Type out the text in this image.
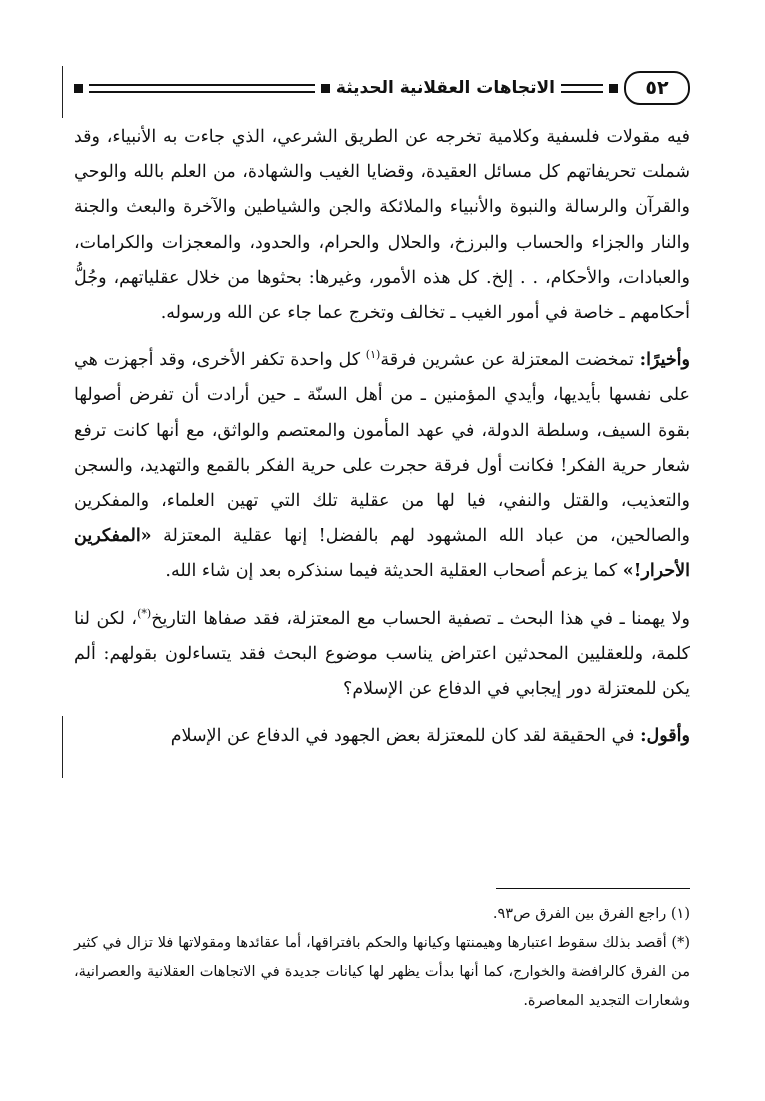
٥٢
الاتجاهات العقلانية الحديثة

فيه مقولات فلسفية وكلامية تخرجه عن الطريق الشرعي، الذي جاءت به الأنبياء، وقد شملت تحريفاتهم كل مسائل العقيدة، وقضايا الغيب والشهادة، من العلم بالله والوحي والقرآن والرسالة والنبوة والأنبياء والملائكة والجن والشياطين والآخرة والبعث والجنة والنار والجزاء والحساب والبرزخ، والحلال والحرام، والحدود، والمعجزات والكرامات، والعبادات، والأحكام، . . إلخ. كل هذه الأمور، وغيرها: بحثوها من خلال عقلياتهم، وجُلُّ أحكامهم ـ خاصة في أمور الغيب ـ تخالف وتخرج عما جاء عن الله ورسوله.

وأخيرًا: تمخضت المعتزلة عن عشرين فرقة$^{(١)}$ كل واحدة تكفر الأخرى، وقد أجهزت هي على نفسها بأيديها، وأيدي المؤمنين ـ من أهل السنّة ـ حين أرادت أن تفرض أصولها بقوة السيف، وسلطة الدولة، في عهد المأمون والمعتصم والواثق، مع أنها كانت ترفع شعار حرية الفكر! فكانت أول فرقة حجرت على حرية الفكر بالقمع والتهديد، والسجن والتعذيب، والقتل والنفي، فيا لها من عقلية تلك التي تهين العلماء، والمفكرين والصالحين، من عباد الله المشهود لهم بالفضل! إنها عقلية المعتزلة «المفكرين الأحرار!» كما يزعم أصحاب العقلية الحديثة فيما سنذكره بعد إن شاء الله.

ولا يهمنا ـ في هذا البحث ـ تصفية الحساب مع المعتزلة، فقد صفاها التاريخ(*)، لكن لنا كلمة، وللعقليين المحدثين اعتراض يناسب موضوع البحث فقد يتساءلون بقولهم: ألم يكن للمعتزلة دور إيجابي في الدفاع عن الإسلام؟

وأقول: في الحقيقة لقد كان للمعتزلة بعض الجهود في الدفاع عن الإسلام

(١) راجع الفرق بين الفرق ص٩٣.

(*) أقصد بذلك سقوط اعتبارها وهيمنتها وكيانها والحكم بافتراقها، أما عقائدها ومقولاتها فلا تزال في كثير من الفرق كالرافضة والخوارج، كما أنها بدأت يظهر لها كيانات جديدة في الاتجاهات العقلانية والعصرانية، وشعارات التجديد المعاصرة.
